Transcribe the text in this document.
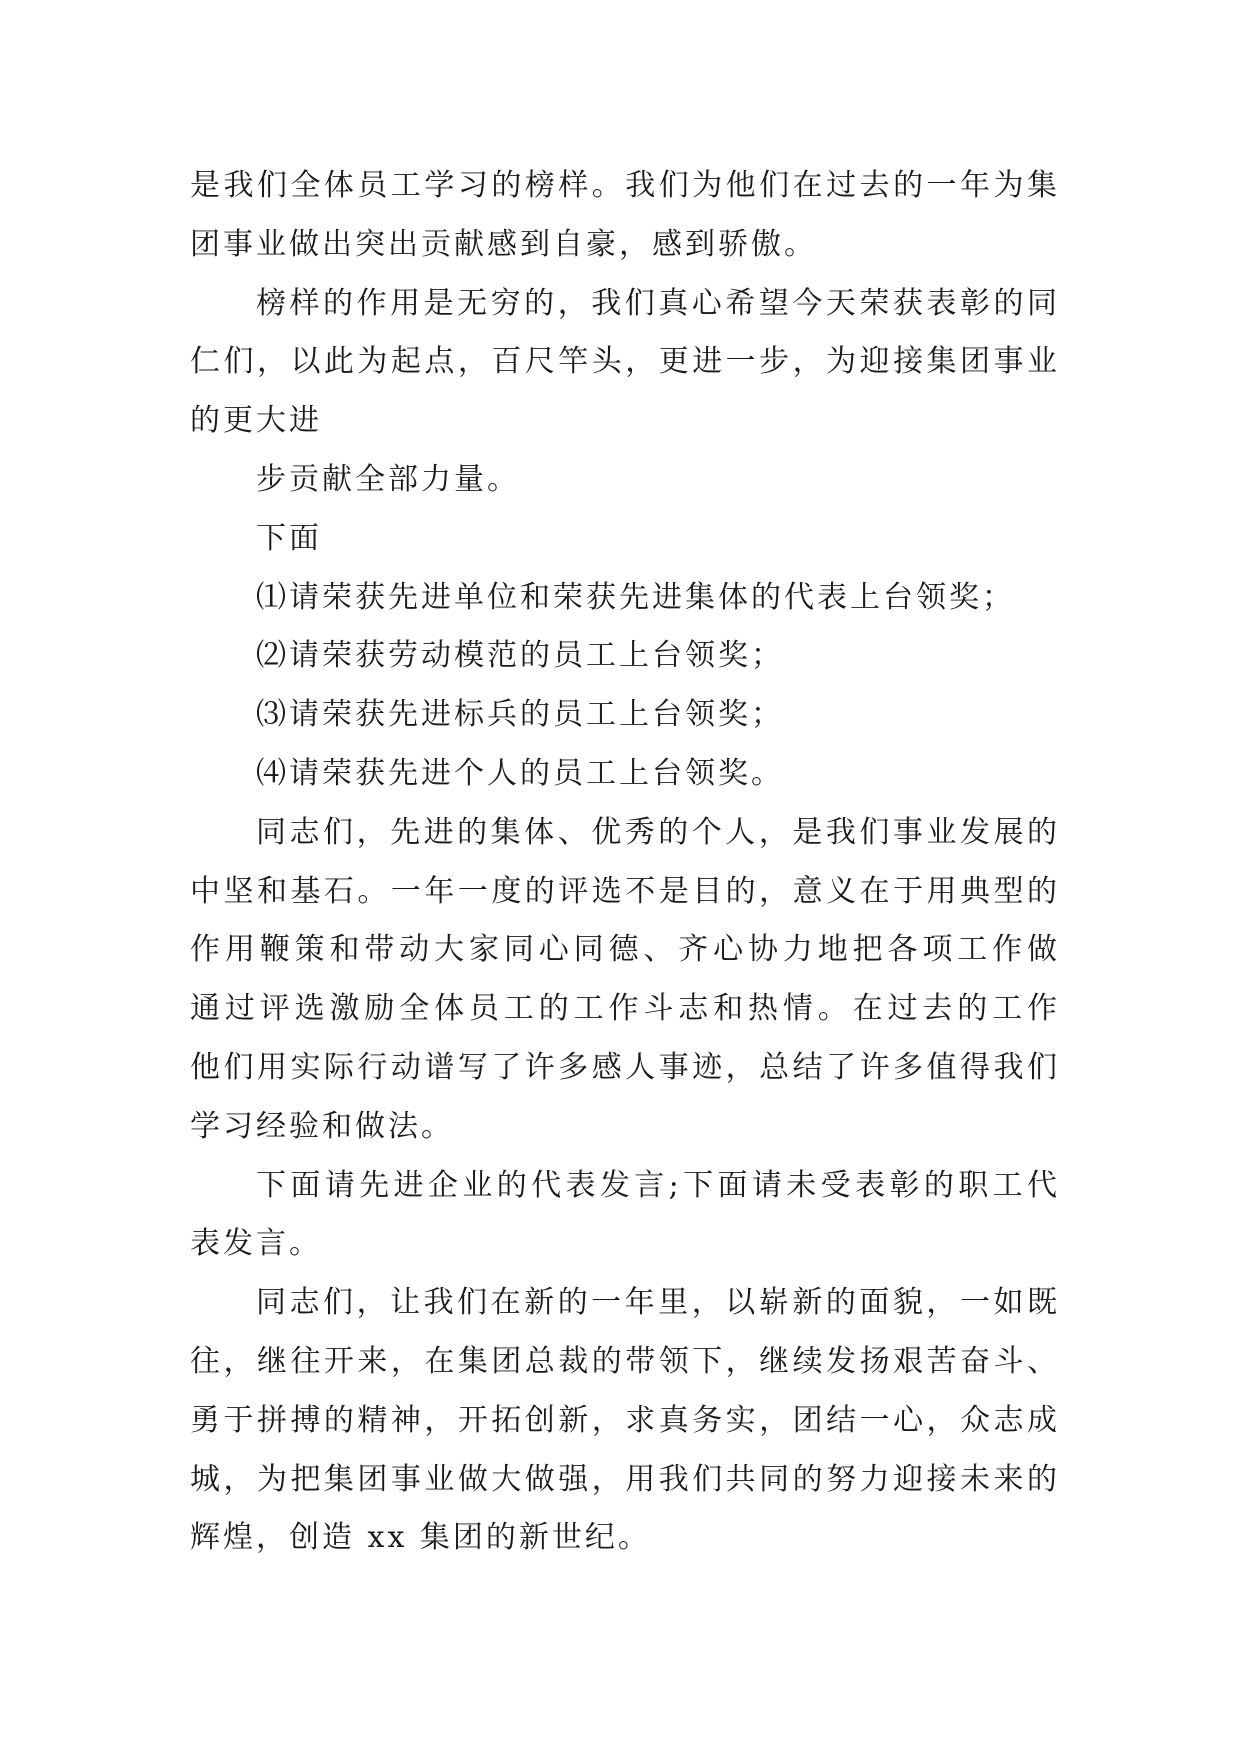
是我们全体员工学习的榜样。我们为他们在过去的一年为集
团事业做出突出贡献感到自豪，感到骄傲。
榜样的作用是无穷的，我们真心希望今天荣获表彰的同
仁们，以此为起点，百尺竿头，更进一步，为迎接集团事业
的更大进
步贡献全部力量。
下面
⑴请荣获先进单位和荣获先进集体的代表上台领奖；
⑵请荣获劳动模范的员工上台领奖；
⑶请荣获先进标兵的员工上台领奖；
⑷请荣获先进个人的员工上台领奖。
同志们，先进的集体、优秀的个人，是我们事业发展的
中坚和基石。一年一度的评选不是目的，意义在于用典型的
作用鞭策和带动大家同心同德、齐心协力地把各项工作做
通过评选激励全体员工的工作斗志和热情。在过去的工作
他们用实际行动谱写了许多感人事迹，总结了许多值得我们
学习经验和做法。
下面请先进企业的代表发言;下面请未受表彰的职工代
表发言。
同志们，让我们在新的一年里，以崭新的面貌，一如既
往，继往开来，在集团总裁的带领下，继续发扬艰苦奋斗、
勇于拼搏的精神，开拓创新，求真务实，团结一心，众志成
城，为把集团事业做大做强，用我们共同的努力迎接未来的
辉煌，创造 xx 集团的新世纪。
